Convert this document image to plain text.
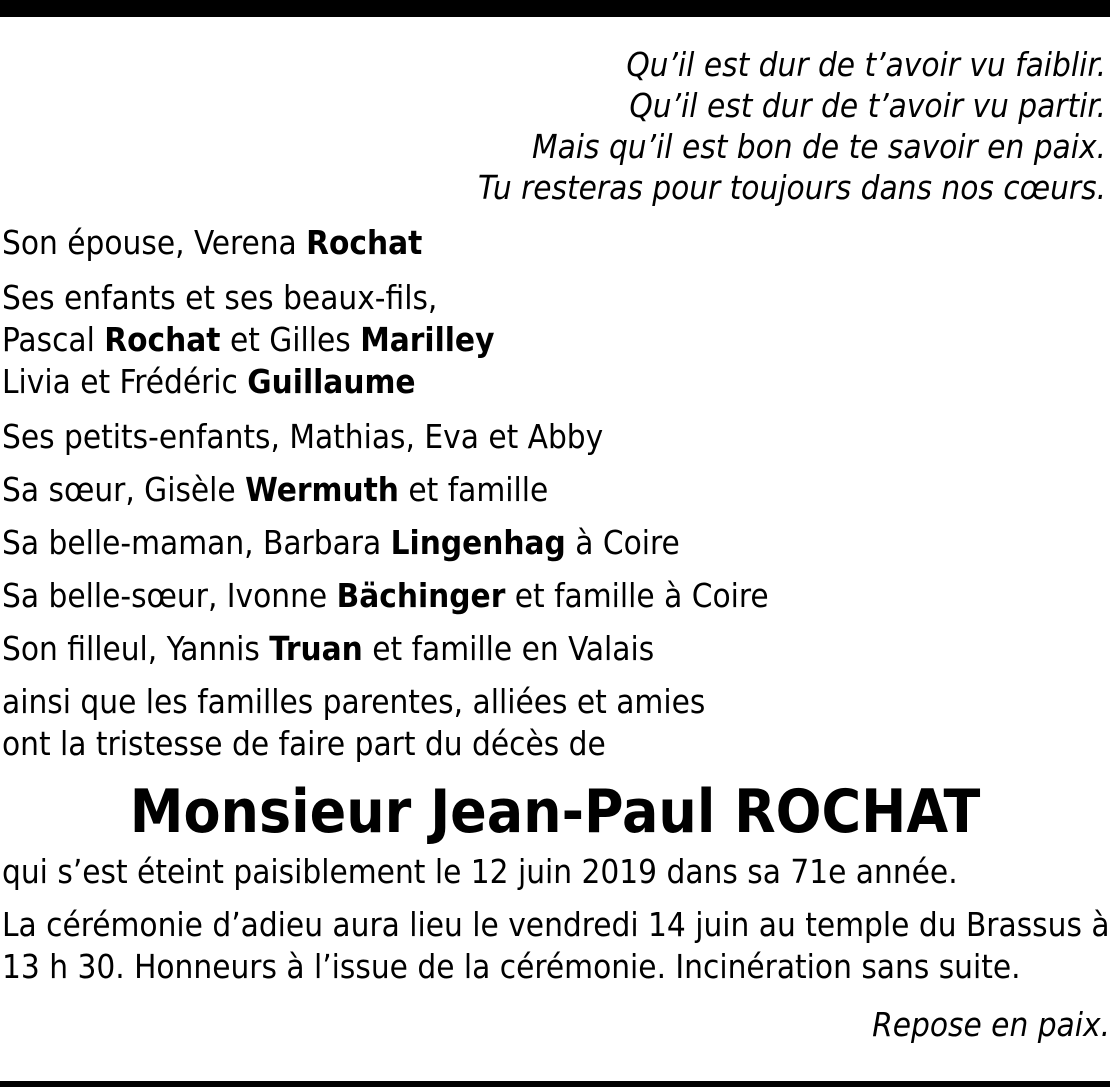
Qu’il est dur de t’avoir vu faiblir.
Qu’il est dur de t’avoir vu partir.
Mais qu’il est bon de te savoir en paix.
Tu resteras pour toujours dans nos cœurs.

Son épouse, Verena Rochat

Ses enfants et ses beaux-fils,

Pascal Rochat et Gilles Marilley

Livia et Frédéric Guillaume

Ses petits-enfants, Mathias, Eva et Abby

Sa sœur, Gisèle Wermuth et famille

Sa belle-maman, Barbara Lingenhag à Coire

Sa belle-sœur, Ivonne Bächinger et famille à Coire

Son filleul, Yannis Truan et famille en Valais

ainsi que les familles parentes, alliées et amies

ont la tristesse de faire part du décès de

Monsieur Jean-Paul ROCHAT

qui s’est éteint paisiblement le 12 juin 2019 dans sa 71e année.

La cérémonie d’adieu aura lieu le vendredi 14 juin au temple du Brassus à

13 h 30. Honneurs à l’issue de la cérémonie. Incinération sans suite.

Repose en paix.
